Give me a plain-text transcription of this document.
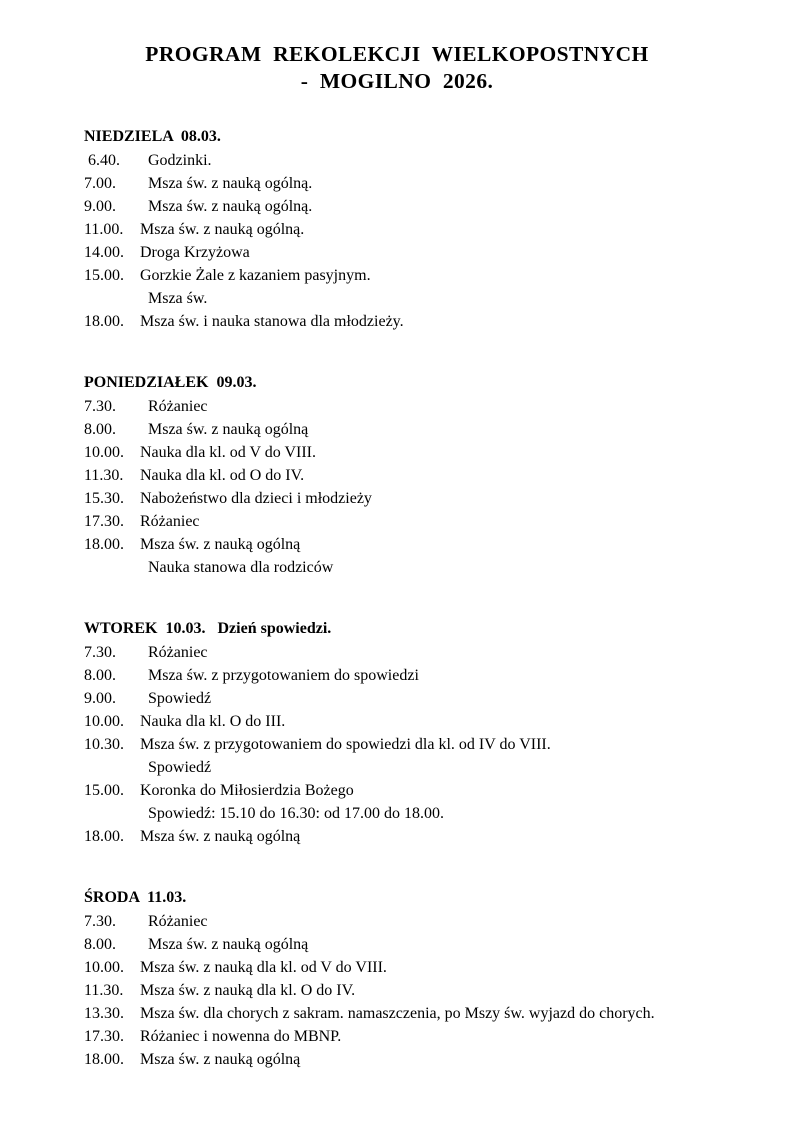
PROGRAM  REKOLEKCJI  WIELKOPOSTNYCH
-  MOGILNO  2026.
NIEDZIELA  08.03.
6.40.	Godzinki.
7.00.	Msza św. z nauką ogólną.
9.00.	Msza św. z nauką ogólną.
11.00.	Msza św. z nauką ogólną.
14.00.	Droga Krzyżowa
15.00.	Gorzkie Żale z kazaniem pasyjnym.
Msza św.
18.00.	Msza św. i nauka stanowa dla młodzieży.
PONIEDZIAŁEK  09.03.
7.30.	Różaniec
8.00.	Msza św. z nauką ogólną
10.00.	Nauka dla kl. od V do VIII.
11.30.	Nauka dla kl. od O do IV.
15.30.	Nabożeństwo dla dzieci i młodzieży
17.30.	Różaniec
18.00.	Msza św. z nauką ogólną
Nauka stanowa dla rodziców
WTOREK  10.03.   Dzień spowiedzi.
7.30.	Różaniec
8.00.	Msza św. z przygotowaniem do spowiedzi
9.00.	Spowiedź
10.00.	Nauka dla kl. O do III.
10.30.	Msza św. z przygotowaniem do spowiedzi dla kl. od IV do VIII.
Spowiedź
15.00.	Koronka do Miłosierdzia Bożego
Spowiedź: 15.10 do 16.30: od 17.00 do 18.00.
18.00.	Msza św. z nauką ogólną
ŚRODA  11.03.
7.30.	Różaniec
8.00.	Msza św. z nauką ogólną
10.00.	Msza św. z nauką dla kl. od V do VIII.
11.30.	Msza św. z nauką dla kl. O do IV.
13.30.	Msza św. dla chorych z sakram. namaszczenia, po Mszy św. wyjazd do chorych.
17.30.	Różaniec i nowenna do MBNP.
18.00.	Msza św. z nauką ogólną
